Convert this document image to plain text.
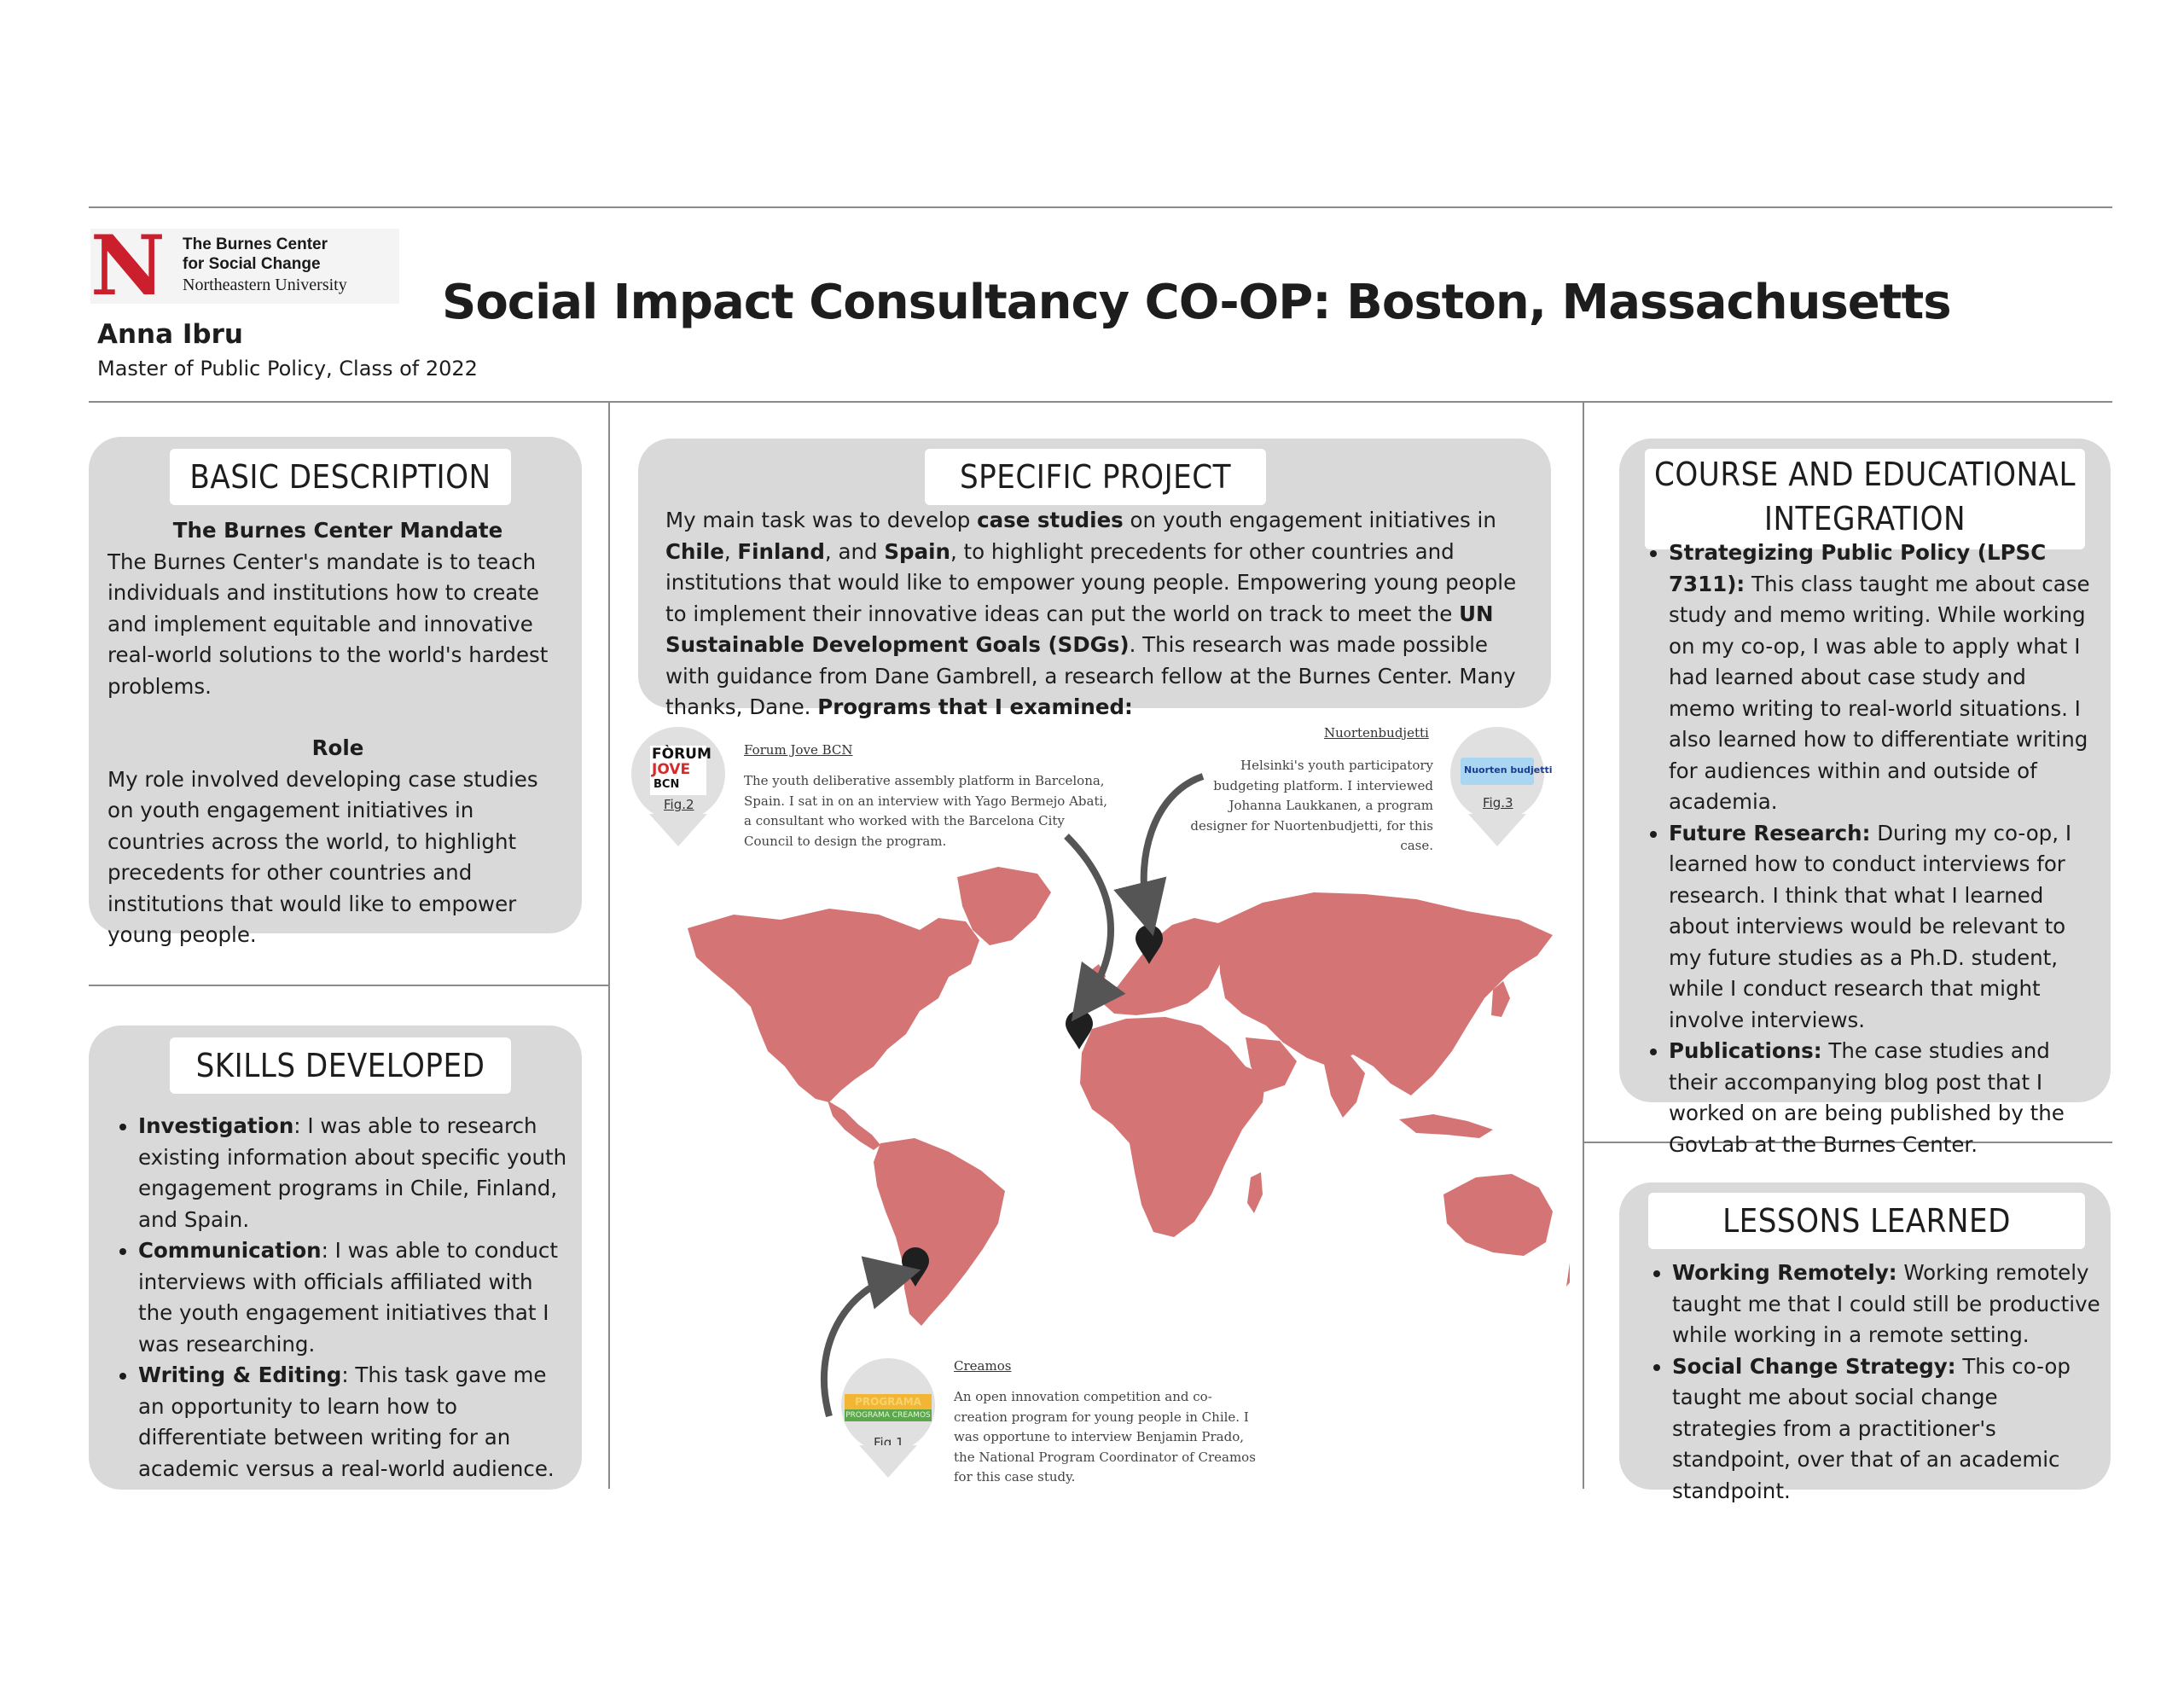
N The Burnes Center
for Social Change
Northeastern University Social Impact Consultancy CO-OP: Boston, Massachusetts
Anna Ibru
Master of Public Policy, Class of 2022
BASIC DESCRIPTION
The Burnes Center Mandate
The Burnes Center's mandate is to teach individuals and institutions how to create and implement equitable and innovative real-world solutions to the world's hardest problems.
Role
My role involved developing case studies on youth engagement initiatives in countries across the world, to highlight precedents for other countries and institutions that would like to empower young people.
SKILLS DEVELOPED
• Investigation: I was able to research existing information about specific youth engagement programs in Chile, Finland, and Spain.
• Communication: I was able to conduct interviews with officials affiliated with the youth engagement initiatives that I was researching.
• Writing & Editing: This task gave me an opportunity to learn how to differentiate between writing for an academic versus a real-world audience.
SPECIFIC PROJECT
My main task was to develop case studies on youth engagement initiatives in Chile, Finland, and Spain, to highlight precedents for other countries and institutions that would like to empower young people. Empowering young people to implement their innovative ideas can put the world on track to meet the UN Sustainable Development Goals (SDGs). This research was made possible with guidance from Dane Gambrell, a research fellow at the Burnes Center. Many thanks, Dane. Programs that I examined:
FÒRUM
JOVE
BCN
Fig.2
Forum Jove BCN
The youth deliberative assembly platform in Barcelona, Spain. I sat in on an interview with Yago Bermejo Abati, a consultant who worked with the Barcelona City Council to design the program.
Nuorten budjetti
Fig.3
Nuortenbudjetti
Helsinki's youth participatory budgeting platform. I interviewed Johanna Laukkanen, a program designer for Nuortenbudjetti, for this case.
PROGRAMA
PROGRAMA CREAMOS
Fig.1
Creamos
An open innovation competition and co-creation program for young people in Chile. I was opportune to interview Benjamin Prado, the National Program Coordinator of Creamos for this case study.
COURSE AND EDUCATIONAL INTEGRATION
• Strategizing Public Policy (LPSC 7311): This class taught me about case study and memo writing. While working on my co-op, I was able to apply what I had learned about case study and memo writing to real-world situations. I also learned how to differentiate writing for audiences within and outside of academia.
• Future Research: During my co-op, I learned how to conduct interviews for research. I think that what I learned about interviews would be relevant to my future studies as a Ph.D. student, while I conduct research that might involve interviews.
• Publications: The case studies and their accompanying blog post that I worked on are being published by the GovLab at the Burnes Center.
LESSONS LEARNED
• Working Remotely: Working remotely taught me that I could still be productive while working in a remote setting.
• Social Change Strategy: This co-op taught me about social change strategies from a practitioner's standpoint, over that of an academic standpoint.
